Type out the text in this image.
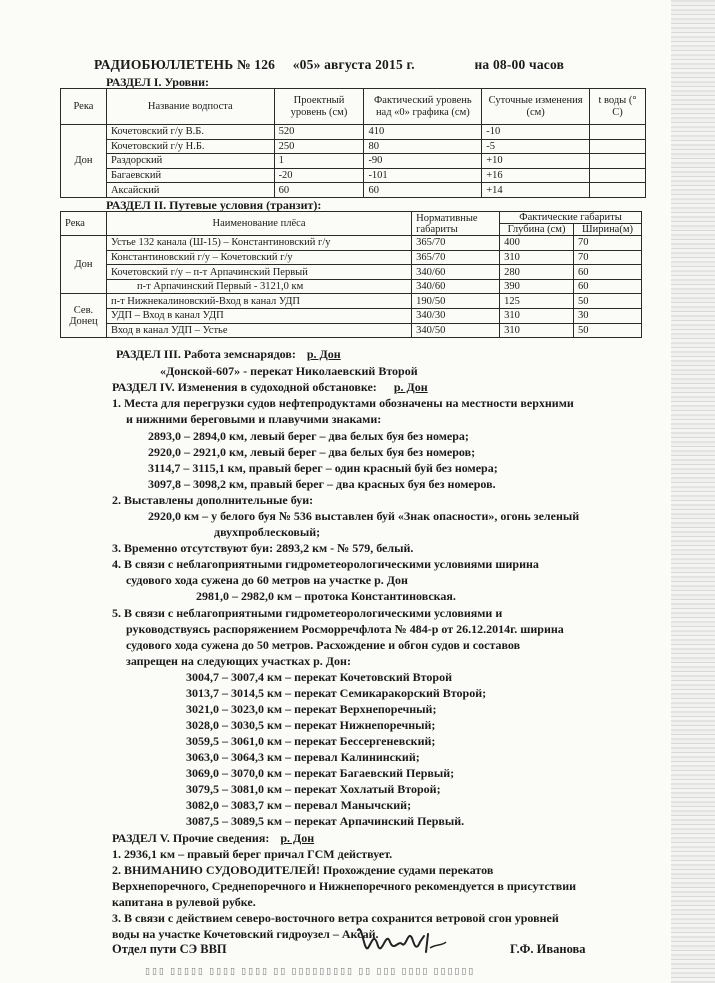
РАДИОБЮЛЛЕТЕНЬ № 126 «05» августа 2015 г.	на 08-00 часов
РАЗДЕЛ I. Уровни:
Река	Название водпоста	Проектный уровень (см)	Фактический уровень над «0» графика (см)	Суточные изменения (см)	t воды (° С)
Дон	Кочетовский г/у В.Б.	520	410	-10	
	Кочетовский г/у Н.Б.	250	80	-5	
	Раздорский	1	-90	+10	
	Багаевский	-20	-101	+16	
	Аксайский	60	60	+14	
РАЗДЕЛ II. Путевые условия (транзит):
Река	Наименование плёса	Нормативные габариты	Фактические габариты	
			Глубина (см)	Ширина(м)
Дон	Устье 132 канала (Ш-15) – Константиновский г/у	365/70	400	70
	Константиновский г/у – Кочетовский г/у	365/70	310	70
	Кочетовский г/у – п-т Арпачинский Первый	340/60	280	60
	п-т Арпачинский Первый - 3121,0 км	340/60	390	60
Сев. Донец	п-т Нижнекалиновский-Вход в канал УДП	190/50	125	50
	УДП – Вход в канал УДП	340/30	310	30
	Вход в канал УДП – Устье	340/50	310	50
РАЗДЕЛ III. Работа земснарядов: р. Дон
«Донской-607» - перекат Николаевский Второй
РАЗДЕЛ IV. Изменения в судоходной обстановке: р. Дон
1. Места для перегрузки судов нефтепродуктами обозначены на местности верхними
и нижними береговыми и плавучими знаками:
2893,0 – 2894,0 км, левый берег – два белых буя без номера;
2920,0 – 2921,0 км, левый берег – два белых буя без номеров;
3114,7 – 3115,1 км, правый берег – один красный буй без номера;
3097,8 – 3098,2 км, правый берег – два красных буя без номеров.
2. Выставлены дополнительные буи:
2920,0 км – у белого буя № 536 выставлен буй «Знак опасности», огонь зеленый
двухпроблесковый;
3. Временно отсутствуют буи: 2893,2 км - № 579, белый.
4. В связи с неблагоприятными гидрометеорологическими условиями ширина
судового хода сужена до 60 метров на участке р. Дон
2981,0 – 2982,0 км – протока Константиновская.
5. В связи с неблагоприятными гидрометеорологическими условиями и
руководствуясь распоряжением Росморречфлота № 484-р от 26.12.2014г. ширина
судового хода сужена до 50 метров. Расхождение и обгон судов и составов
запрещен на следующих участках р. Дон:
3004,7 – 3007,4 км – перекат Кочетовский Второй
3013,7 – 3014,5 км – перекат Семикаракорский Второй;
3021,0 – 3023,0 км – перекат Верхнепоречный;
3028,0 – 3030,5 км – перекат Нижнепоречный;
3059,5 – 3061,0 км – перекат Бессергеневский;
3063,0 – 3064,3 км – перевал Калининский;
3069,0 – 3070,0 км – перекат Багаевский Первый;
3079,5 – 3081,0 км – перекат Хохлатый Второй;
3082,0 – 3083,7 км – перевал Манычский;
3087,5 – 3089,5 км – перекат Арпачинский Первый.
РАЗДЕЛ V. Прочие сведения: р. Дон
1. 2936,1 км – правый берег причал ГСМ действует.
2. ВНИМАНИЮ СУДОВОДИТЕЛЕЙ! Прохождение судами перекатов
Верхнепоречного, Среднепоречного и Нижнепоречного рекомендуется в присутствии
капитана в рулевой рубке.
3. В связи с действием северо-восточного ветра сохранится ветровой сгон уровней
воды на участке Кочетовский гидроузел – Аксай.
Отдел пути СЭ ВВП	Г.Ф. Иванова
▯▯▯ ▯▯▯▯▯ ▯▯▯▯ ▯▯▯▯ ▯▯ ▯▯▯▯▯▯▯▯▯ ▯▯ ▯▯▯ ▯▯▯▯ ▯▯▯▯▯▯
